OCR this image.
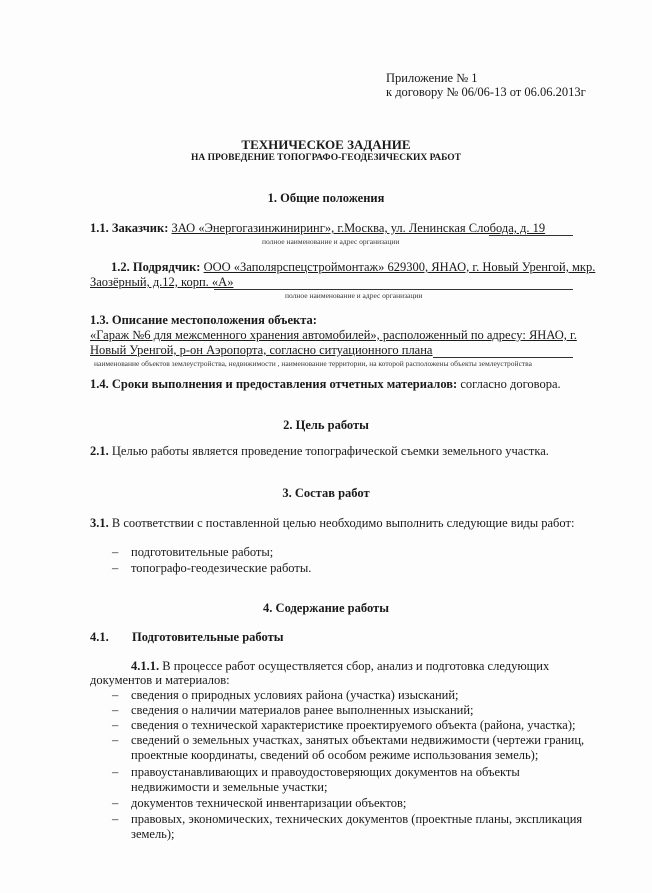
Приложение № 1
к договору № 06/06-13 от 06.06.2013г
ТЕХНИЧЕСКОЕ ЗАДАНИЕ
НА ПРОВЕДЕНИЕ ТОПОГРАФО-ГЕОДЕЗИЧЕСКИХ РАБОТ
1. Общие положения
1.1. Заказчик: ЗАО «Энергогазинжиниринг», г.Москва, ул. Ленинская Слобода, д. 19
полное наименование и адрес организации
1.2. Подрядчик: ООО «Заполярспецстроймонтаж» 629300, ЯНАО, г. Новый Уренгой, мкр.
Заозёрный, д.12, корп. «А»
полное наименование и адрес организации
1.3. Описание местоположения объекта:
«Гараж №6 для межсменного хранения автомобилей», расположенный по адресу: ЯНАО, г.
Новый Уренгой, р-он Аэропорта, согласно ситуационного плана
наименование объектов землеустройства, недвижимости , наименование территории, на которой расположены объекты землеустройства
1.4. Сроки выполнения и предоставления отчетных материалов: согласно договора.
2. Цель работы
2.1. Целью работы является проведение топографической съемки земельного участка.
3. Состав работ
3.1. В соответствии с поставленной целью необходимо выполнить следующие виды работ:
– подготовительные работы;
– топографо-геодезические работы.
4. Содержание работы
4.1. Подготовительные работы
4.1.1. В процессе работ осуществляется сбор, анализ и подготовка следующих
документов и материалов:
– сведения о природных условиях района (участка) изысканий;
– сведения о наличии материалов ранее выполненных изысканий;
– сведения о технической характеристике проектируемого объекта (района, участка);
– сведений о земельных участках, занятых объектами недвижимости (чертежи границ,
проектные координаты, сведений об особом режиме использования земель);
– правоустанавливающих и правоудостоверяющих документов на объекты
недвижимости и земельные участки;
– документов технической инвентаризации объектов;
– правовых, экономических, технических документов (проектные планы, экспликация
земель);
